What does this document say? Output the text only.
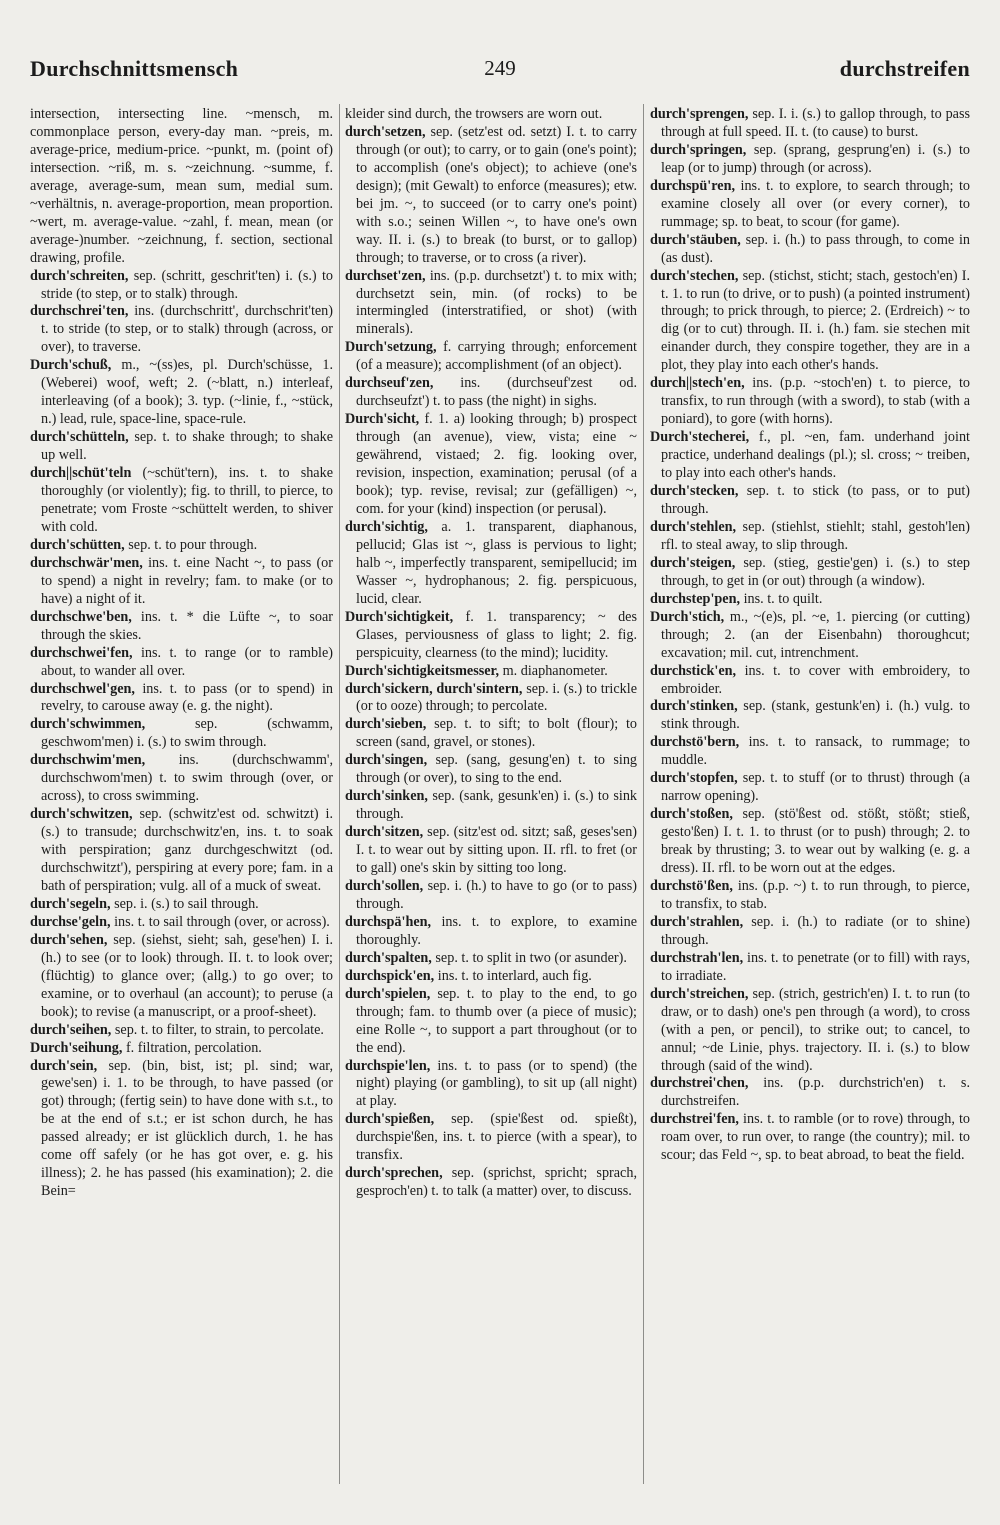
Durchschnittsmensch	249	durchstreifen

intersection, intersecting line. ~mensch, m. commonplace person, every-day man. ~preis, m. average-price, medium-price. ~punkt, m. (point of) intersection. ~riß, m. s. ~zeichnung. ~summe, f. average, average-sum, mean sum, medial sum. ~verhältnis, n. average-proportion, mean proportion. ~wert, m. average-value. ~zahl, f. mean, mean (or average-)number. ~zeichnung, f. section, sectional drawing, profile.

durch'schreiten, sep. (schritt, geschrit'ten) i. (s.) to stride (to step, or to stalk) through.

durchschrei'ten, ins. (durchschritt', durchschrit'ten) t. to stride (to step, or to stalk) through (across, or over), to traverse.

Durch'schuß, m., ~(ss)es, pl. Durch'schüsse, 1. (Weberei) woof, weft; 2. (~blatt, n.) interleaf, interleaving (of a book); 3. typ. (~linie, f., ~stück, n.) lead, rule, space-line, space-rule.

durch'schütteln, sep. t. to shake through; to shake up well.

durch||schüt'teln (~schüt'tern), ins. t. to shake thoroughly (or violently); fig. to thrill, to pierce, to penetrate; vom Froste ~schüttelt werden, to shiver with cold.

durch'schütten, sep. t. to pour through.

durchschwär'men, ins. t. eine Nacht ~, to pass (or to spend) a night in revelry; fam. to make (or to have) a night of it.

durchschwe'ben, ins. t. * die Lüfte ~, to soar through the skies.

durchschwei'fen, ins. t. to range (or to ramble) about, to wander all over.

durchschwel'gen, ins. t. to pass (or to spend) in revelry, to carouse away (e. g. the night).

durch'schwimmen,	sep. (schwamm, geschwom'men) i. (s.) to swim through.

durchschwim'men, ins. (durchschwamm', durchschwom'men) t. to swim through (over, or across), to cross swimming.

durch'schwitzen, sep. (schwitz'est od. schwitzt) i. (s.) to transude; durchschwitz'en, ins. t. to soak with perspiration; ganz durchgeschwitzt (od. durchschwitzt'), perspiring at every pore; fam. in a bath of perspiration; vulg. all of a muck of sweat.

durch'segeln, sep. i. (s.) to sail through.

durchse'geln, ins. t. to sail through (over, or across).

durch'sehen, sep. (siehst, sieht; sah, gese'hen) I. i. (h.) to see (or to look) through. II. t. to look over; (flüchtig) to glance over; (allg.) to go over; to examine, or to overhaul (an account); to peruse (a book); to revise (a manuscript, or a proof-sheet).

durch'seihen, sep. t. to filter, to strain, to percolate.

Durch'seihung, f. filtration, percolation.

durch'sein, sep. (bin, bist, ist; pl. sind; war, gewe'sen) i. 1. to be through, to have passed (or got) through; (fertig sein) to have done with s.t., to be at the end of s.t.; er ist schon durch, he has passed already; er ist glücklich durch, 1. he has come off safely (or he has got over, e. g. his illness); 2. he has passed (his examination); 2. die Bein=

kleider sind durch, the trowsers are worn out.

durch'setzen, sep. (setz'est od. setzt) I. t. to carry through (or out); to carry, or to gain (one's point); to accomplish (one's object); to achieve (one's design); (mit Gewalt) to enforce (measures); etw. bei jm. ~, to succeed (or to carry one's point) with s.o.; seinen Willen ~, to have one's own way. II. i. (s.) to break (to burst, or to gallop) through; to traverse, or to cross (a river).

durchset'zen, ins. (p.p. durchsetzt') t. to mix with; durchsetzt sein, min. (of rocks) to be intermingled (interstratified, or shot) (with minerals).

Durch'setzung, f. carrying through; enforcement (of a measure); accomplishment (of an object).

durchseuf'zen, ins. (durchseuf'zest od. durchseufzt') t. to pass (the night) in sighs.

Durch'sicht, f. 1. a) looking through; b) prospect through (an avenue), view, vista; eine ~ gewährend, vistaed; 2. fig. looking over, revision, inspection, examination; perusal (of a book); typ. revise, revisal; zur (gefälligen) ~, com. for your (kind) inspection (or perusal).

durch'sichtig, a. 1. transparent, diaphanous, pellucid; Glas ist ~, glass is pervious to light; halb ~, imperfectly transparent, semipellucid; im Wasser ~, hydrophanous; 2. fig. perspicuous, lucid, clear.

Durch'sichtigkeit, f. 1. transparency; ~ des Glases, perviousness of glass to light; 2. fig. perspicuity, clearness (to the mind); lucidity.

Durch'sichtigkeitsmesser, m. diaphanometer.

durch'sickern, durch'sintern, sep. i. (s.) to trickle (or to ooze) through; to percolate.

durch'sieben, sep. t. to sift; to bolt (flour); to screen (sand, gravel, or stones).

durch'singen, sep. (sang, gesung'en) t. to sing through (or over), to sing to the end.

durch'sinken, sep. (sank, gesunk'en) i. (s.) to sink through.

durch'sitzen, sep. (sitz'est od. sitzt; saß, geses'sen) I. t. to wear out by sitting upon. II. rfl. to fret (or to gall) one's skin by sitting too long.

durch'sollen, sep. i. (h.) to have to go (or to pass) through.

durchspä'hen, ins. t. to explore, to examine thoroughly.

durch'spalten, sep. t. to split in two (or asunder).

durchspick'en, ins. t. to interlard, auch fig.

durch'spielen, sep. t. to play to the end, to go through; fam. to thumb over (a piece of music); eine Rolle ~, to support a part throughout (or to the end).

durchspie'len, ins. t. to pass (or to spend) (the night) playing (or gambling), to sit up (all night) at play.

durch'spießen, sep. (spie'ßest od. spießt), durchspie'ßen, ins. t. to pierce (with a spear), to transfix.

durch'sprechen, sep. (sprichst, spricht; sprach, gesproch'en) t. to talk (a matter) over, to discuss.

durch'sprengen, sep. I. i. (s.) to gallop through, to pass through at full speed. II. t. (to cause) to burst.

durch'springen, sep. (sprang, gesprung'en) i. (s.) to leap (or to jump) through (or across).

durchspü'ren, ins. t. to explore, to search through; to examine closely all over (or every corner), to rummage; sp. to beat, to scour (for game).

durch'stäuben, sep. i. (h.) to pass through, to come in (as dust).

durch'stechen, sep. (stichst, sticht; stach, gestoch'en) I. t. 1. to run (to drive, or to push) (a pointed instrument) through; to prick through, to pierce; 2. (Erdreich) ~ to dig (or to cut) through. II. i. (h.) fam. sie stechen mit einander durch, they conspire together, they are in a plot, they play into each other's hands.

durch||stech'en, ins. (p.p. ~stoch'en) t. to pierce, to transfix, to run through (with a sword), to stab (with a poniard), to gore (with horns).

Durch'stecherei, f., pl. ~en, fam. underhand joint practice, underhand dealings (pl.); sl. cross; ~ treiben, to play into each other's hands.

durch'stecken, sep. t. to stick (to pass, or to put) through.

durch'stehlen, sep. (stiehlst, stiehlt; stahl, gestoh'len) rfl. to steal away, to slip through.

durch'steigen, sep. (stieg, gestie'gen) i. (s.) to step through, to get in (or out) through (a window).

durchstep'pen, ins. t. to quilt.

Durch'stich, m., ~(e)s, pl. ~e, 1. piercing (or cutting) through; 2. (an der Eisenbahn) thoroughcut; excavation; mil. cut, intrenchment.

durchstick'en, ins. t. to cover with embroidery, to embroider.

durch'stinken, sep. (stank, gestunk'en) i. (h.) vulg. to stink through.

durchstö'bern, ins. t. to ransack, to rummage; to muddle.

durch'stopfen, sep. t. to stuff (or to thrust) through (a narrow opening).

durch'stoßen, sep. (stö'ßest od. stößt, stößt; stieß, gesto'ßen) I. t. 1. to thrust (or to push) through; 2. to break by thrusting; 3. to wear out by walking (e. g. a dress). II. rfl. to be worn out at the edges.

durchstö'ßen, ins. (p.p. ~) t. to run through, to pierce, to transfix, to stab.

durch'strahlen, sep. i. (h.) to radiate (or to shine) through.

durchstrah'len, ins. t. to penetrate (or to fill) with rays, to irradiate.

durch'streichen, sep. (strich, gestrich'en) I. t. to run (to draw, or to dash) one's pen through (a word), to cross (with a pen, or pencil), to strike out; to cancel, to annul; ~de Linie, phys. trajectory. II. i. (s.) to blow through (said of the wind).

durchstrei'chen, ins. (p.p. durchstrich'en) t. s. durchstreifen.

durchstrei'fen, ins. t. to ramble (or to rove) through, to roam over, to run over, to range (the country); mil. to scour; das Feld ~, sp. to beat abroad, to beat the field.
